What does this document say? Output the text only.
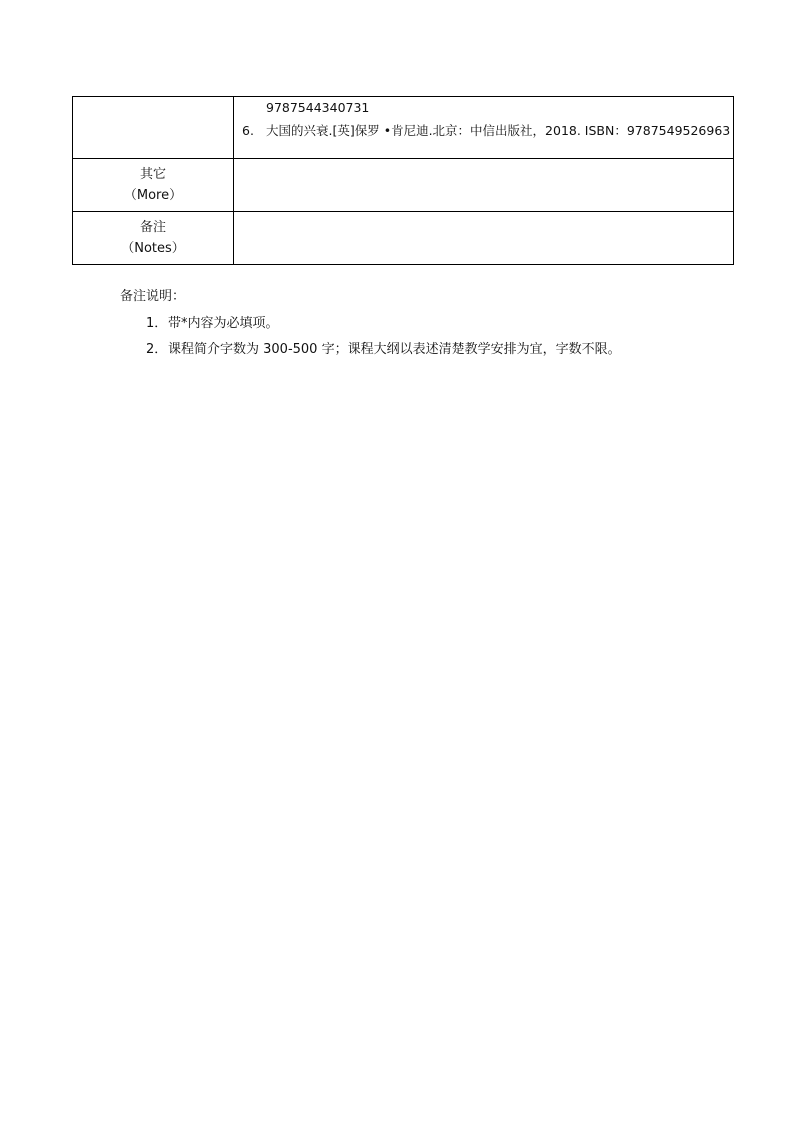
	9787544340731
6. 大国的兴衰.[英]保罗 •肯尼迪.北京：中信出版社，2018. ISBN：9787549526963

其它
（More）	

备注
（Notes）	

备注说明：
1．带*内容为必填项。
2．课程简介字数为 300-500 字；课程大纲以表述清楚教学安排为宜，字数不限。
